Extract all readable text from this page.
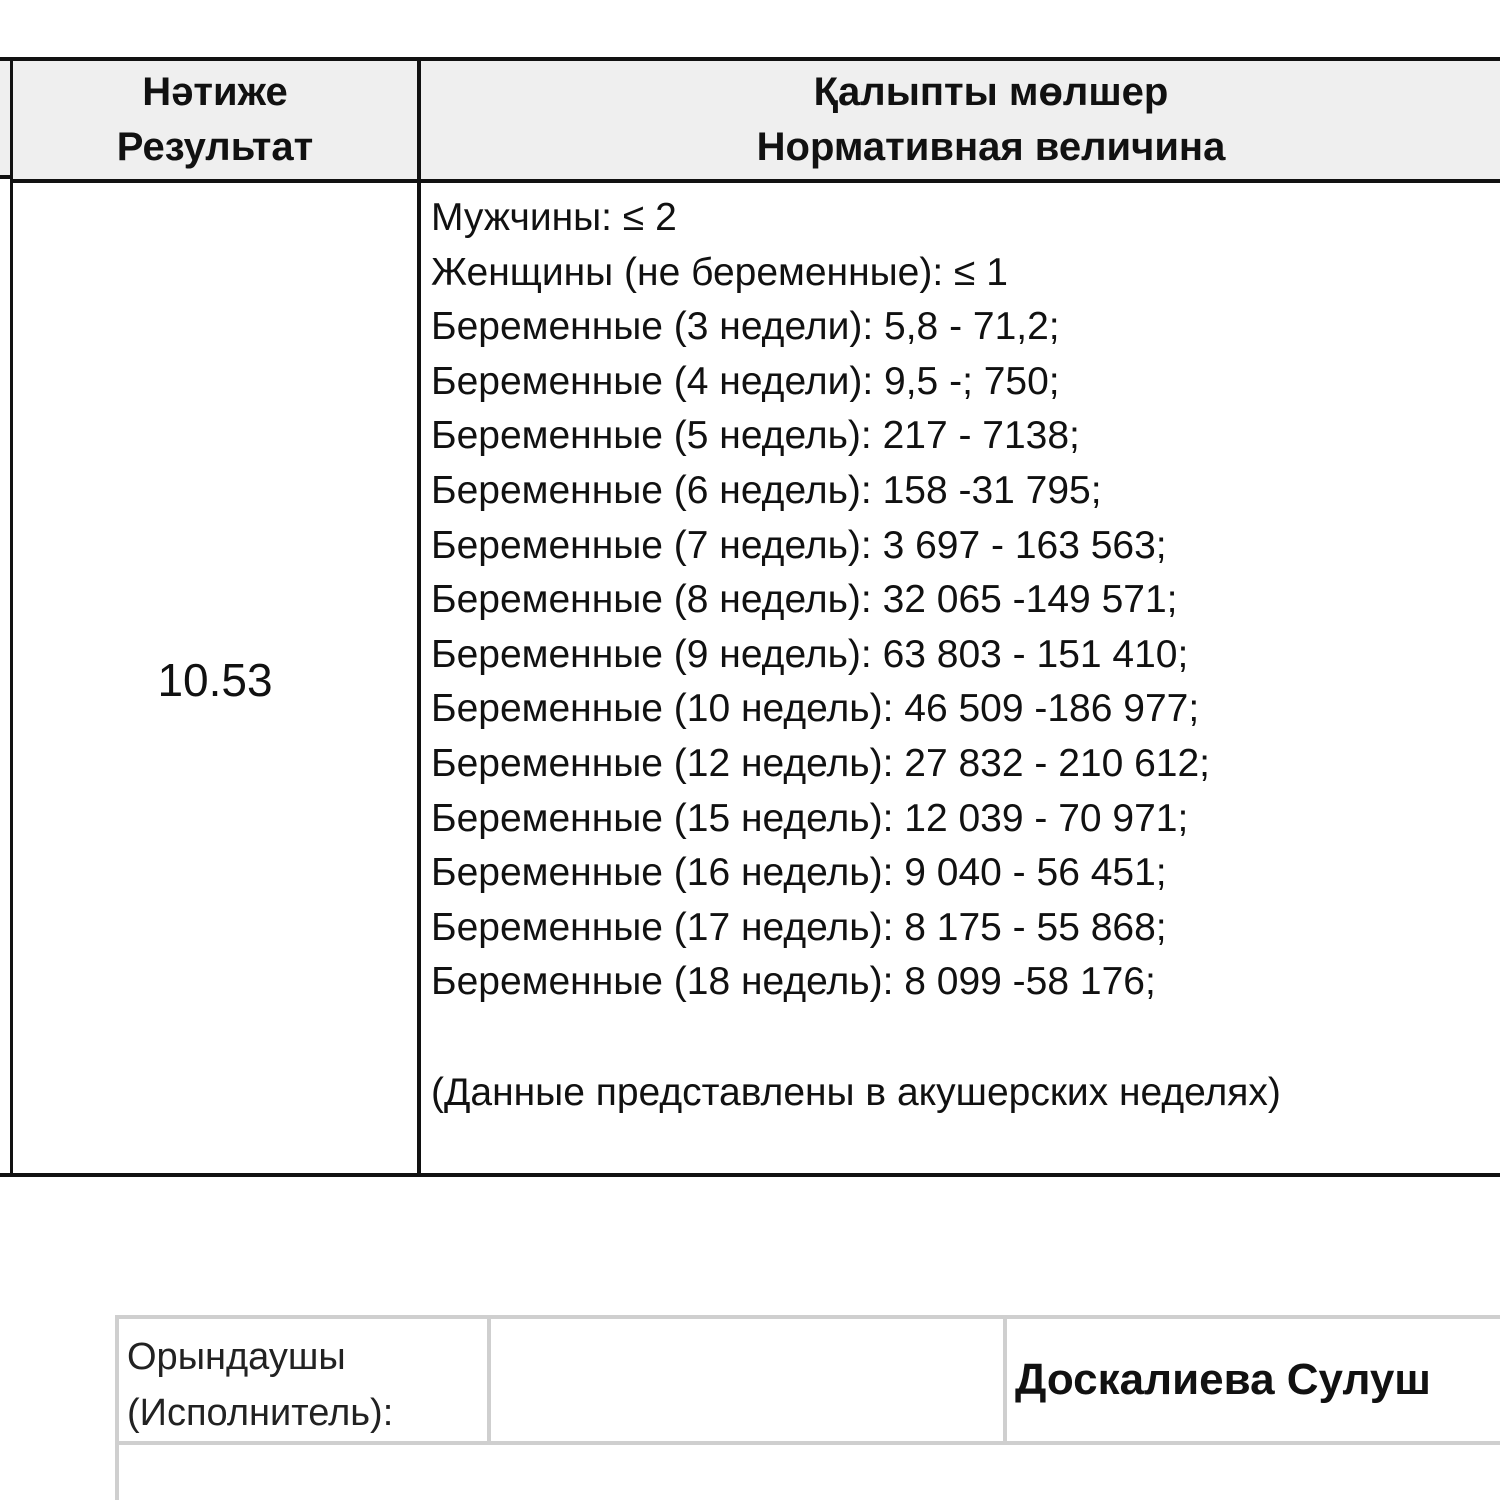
Нәтиже
Результат
Қалыпты мөлшер
Нормативная величина
10.53
Мужчины: ≤ 2
Женщины (не беременные): ≤ 1
Беременные (3 недели): 5,8 - 71,2;
Беременные (4 недели): 9,5 -; 750;
Беременные (5 недель): 217 - 7138;
Беременные (6 недель): 158 -31 795;
Беременные (7 недель): 3 697 - 163 563;
Беременные (8 недель): 32 065 -149 571;
Беременные (9 недель): 63 803 - 151 410;
Беременные (10 недель): 46 509 -186 977;
Беременные (12 недель): 27 832 - 210 612;
Беременные (15 недель): 12 039 - 70 971;
Беременные (16 недель): 9 040 - 56 451;
Беременные (17 недель): 8 175 - 55 868;
Беременные (18 недель): 8 099 -58 176;
(Данные представлены в акушерских неделях)
Орындаушы
(Исполнитель):
Доскалиева Сулуш
